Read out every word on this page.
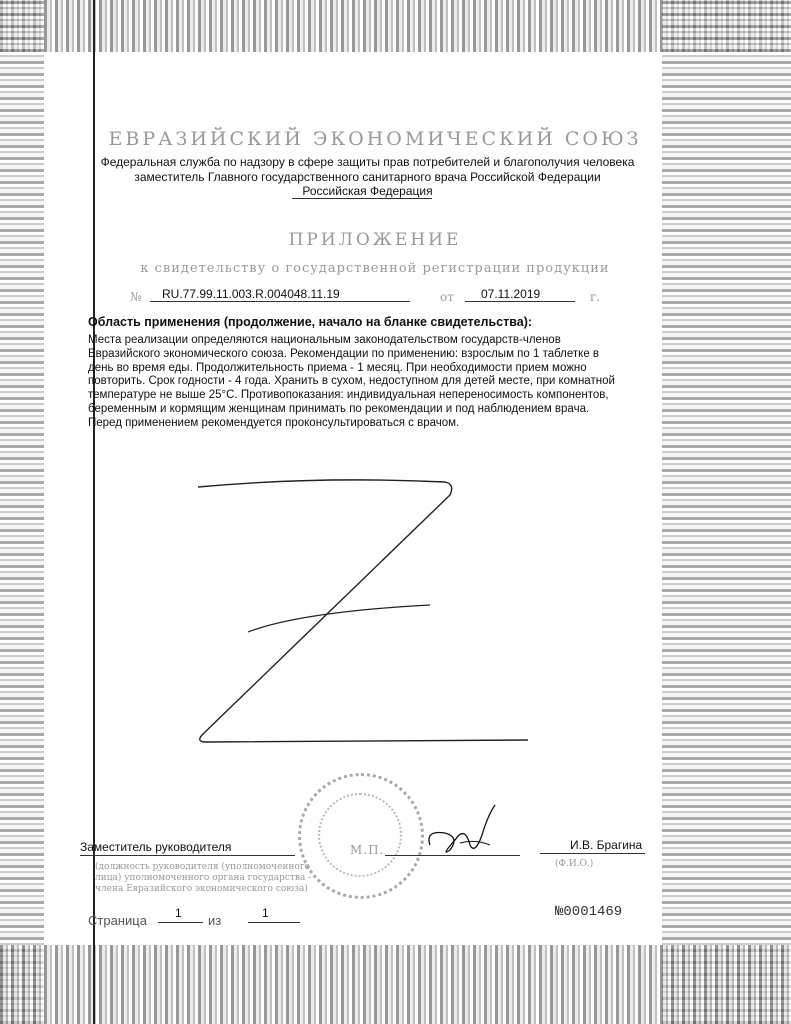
ЕВРАЗИЙСКИЙ ЭКОНОМИЧЕСКИЙ СОЮЗ
Федеральная служба по надзору в сфере защиты прав потребителей и благополучия человека
заместитель Главного государственного санитарного врача Российской Федерации
Российская Федерация
ПРИЛОЖЕНИЕ
к свидетельству о государственной регистрации продукции
№ RU.77.99.11.003.R.004048.11.19	от 07.11.2019	г.
Область применения (продолжение, начало на бланке свидетельства):
Места реализации определяются национальным законодательством государств-членов
Евразийского экономического союза. Рекомендации по применению: взрослым по 1 таблетке в
день во время еды. Продолжительность приема - 1 месяц. При необходимости прием можно
повторить. Срок годности - 4 года. Хранить в сухом, недоступном для детей месте, при комнатной
температуре не выше 25°С. Противопоказания: индивидуальная непереносимость компонентов,
беременным и кормящим женщинам принимать по рекомендации и под наблюдением врача.
Перед применением рекомендуется проконсультироваться с врачом.
Заместитель руководителя	М.П.	И.В. Брагина
(должность руководителя (уполномоченного лица) уполномоченного органа государства - члена Евразийского экономического союза)
(Ф.И.О.)
Страница 1 из	1	№0001469
